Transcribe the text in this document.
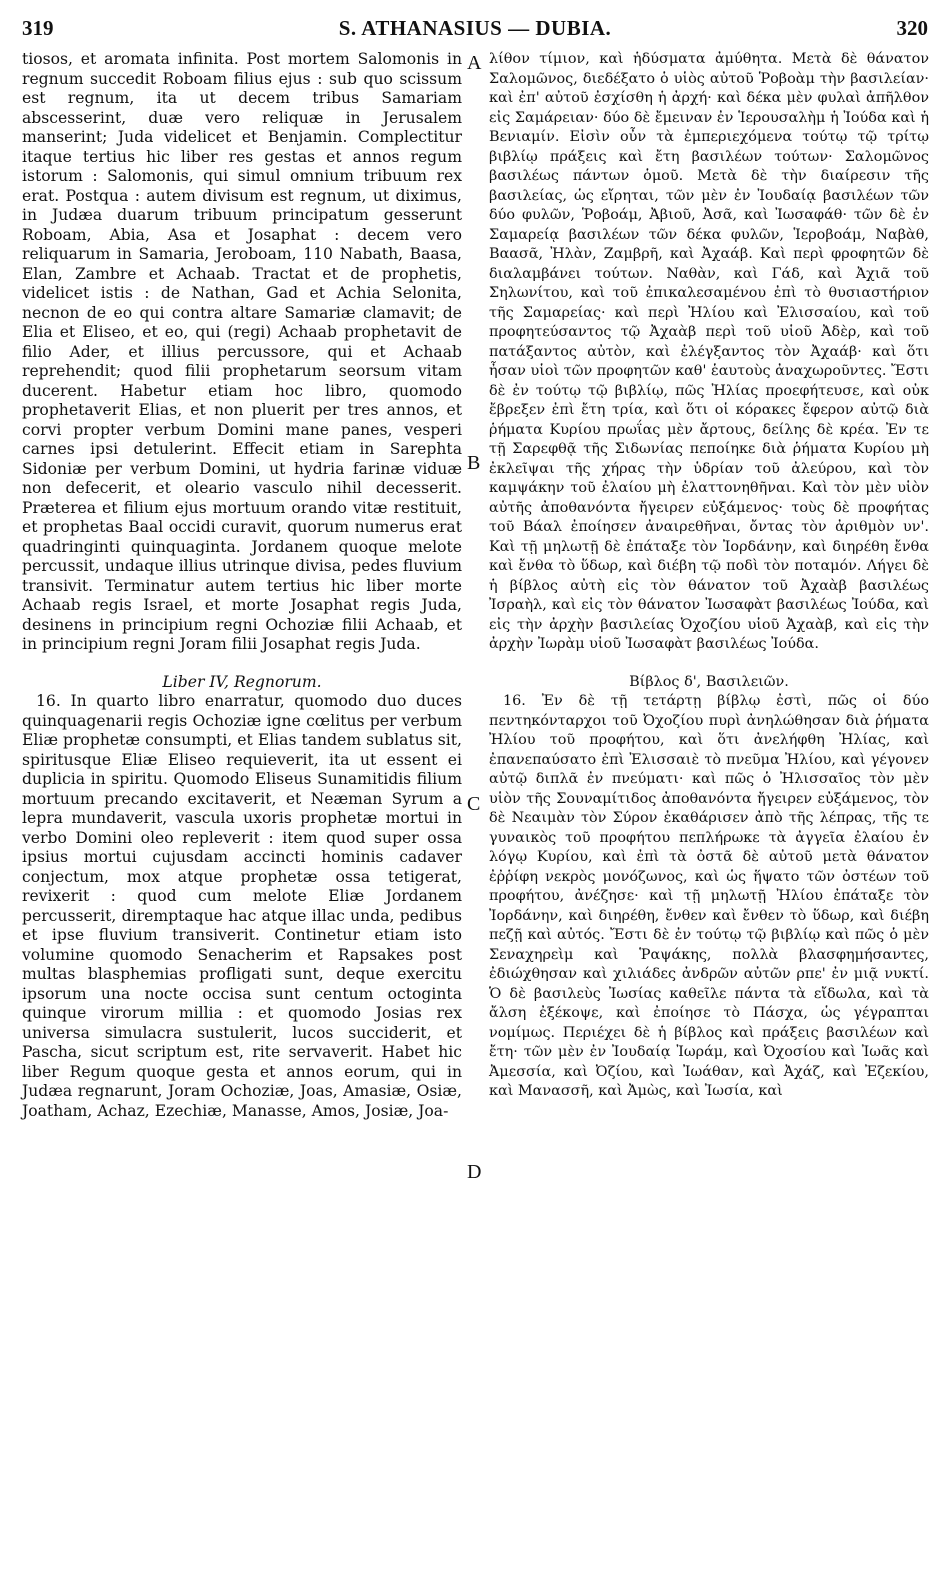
319	S. ATHANASIUS — DUBIA.	320

tiosos, et aromata infinita. Post mortem Salomonis in regnum succedit Roboam filius ejus : sub quo scissum est regnum, ita ut decem tribus Samariam abscesserint, duæ vero reliquæ in Jerusalem manserint; Juda videlicet et Benjamin. Complectitur itaque tertius hic liber res gestas et annos regum istorum : Salomonis, qui simul omnium tribuum rex erat. Postqua : autem divisum est regnum, ut diximus, in Judæa duarum tribuum principatum gesserunt Roboam, Abia, Asa et Josaphat : decem vero reliquarum in Samaria, Jeroboam, 110 Nabath, Baasa, Elan, Zambre et Achaab. Tractat et de prophetis, videlicet istis : de Nathan, Gad et Achia Selonita, necnon de eo qui contra altare Samariæ clamavit; de Elia et Eliseo, et eo, qui (regi) Achaab prophetavit de filio Ader, et illius percussore, qui et Achaab reprehendit; quod filii prophetarum seorsum vitam ducerent. Habetur etiam hoc libro, quomodo prophetaverit Elias, et non pluerit per tres annos, et corvi propter verbum Domini mane panes, vesperi carnes ipsi detulerint. Effecit etiam in Sarephta Sidoniæ per verbum Domini, ut hydria farinæ viduæ non defecerit, et oleario vasculo nihil decesserit. Præterea et filium ejus mortuum orando vitæ restituit, et prophetas Baal occidi curavit, quorum numerus erat quadringinti quinquaginta. Jordanem quoque melote percussit, undaque illius utrinque divisa, pedes fluvium transivit. Terminatur autem tertius hic liber morte Achaab regis Israel, et morte Josaphat regis Juda, desinens in principium regni Ochoziæ filii Achaab, et in principium regni Joram filii Josaphat regis Juda.

Liber IV, Regnorum.

16. In quarto libro enarratur, quomodo duo duces quinquagenarii regis Ochoziæ igne cœlitus per verbum Eliæ prophetæ consumpti, et Elias tandem sublatus sit, spiritusque Eliæ Eliseo requieverit, ita ut essent ei duplicia in spiritu. Quomodo Eliseus Sunamitidis filium mortuum precando excitaverit, et Neæman Syrum a lepra mundaverit, vascula uxoris prophetæ mortui in verbo Domini oleo repleverit : item quod super ossa ipsius mortui cujusdam accincti hominis cadaver conjectum, mox atque prophetæ ossa tetigerat, revixerit : quod cum melote Eliæ Jordanem percusserit, diremptaque hac atque illac unda, pedibus et ipse fluvium transiverit. Continetur etiam isto volumine quomodo Senacherim et Rapsakes post multas blasphemias profligati sunt, deque exercitu ipsorum una nocte occisa sunt centum octoginta quinque virorum millia : et quomodo Josias rex universa simulacra sustulerit, lucos succiderit, et Pascha, sicut scriptum est, rite servaverit. Habet hic liber Regum quoque gesta et annos eorum, qui in Judæa regnarunt, Joram Ochoziæ, Joas, Amasiæ, Osiæ, Joatham, Achaz, Ezechiæ, Manasse, Amos, Josiæ, Joa-

A
B
C
D

λίθον τίμιον, καὶ ἡδύσματα ἀμύθητα. Μετὰ δὲ θάνατον Σαλομῶνος, διεδέξατο ὁ υἱὸς αὐτοῦ Ῥοβοὰμ τὴν βασιλείαν· καὶ ἐπ' αὐτοῦ ἐσχίσθη ἡ ἀρχή· καὶ δέκα μὲν φυλαὶ ἀπῆλθον εἰς Σαμάρειαν· δύο δὲ ἔμειναν ἐν Ἱερουσαλὴμ ἡ Ἰούδα καὶ ἡ Βενιαμίν. Εἰσὶν οὖν τὰ ἐμπεριεχόμενα τούτῳ τῷ τρίτῳ βιβλίῳ πράξεις καὶ ἔτη βασιλέων τούτων· Σαλομῶνος βασιλέως πάντων ὁμοῦ. Μετὰ δὲ τὴν διαίρεσιν τῆς βασιλείας, ὡς εἴρηται, τῶν μὲν ἐν Ἰουδαίᾳ βασιλέων τῶν δύο φυλῶν, Ῥοβοάμ, Ἀβιοῦ, Ἀσᾶ, καὶ Ἰωσαφάθ· τῶν δὲ ἐν Σαμαρείᾳ βασιλέων τῶν δέκα φυλῶν, Ἱεροβοάμ, Ναβὰθ, Βαασᾶ, Ἠλὰν, Ζαμβρῆ, καὶ Ἀχαάβ. Καὶ περὶ φροφητῶν δὲ διαλαμβάνει τούτων. Ναθὰν, καὶ Γάδ, καὶ Ἀχιᾶ τοῦ Σηλωνίτου, καὶ τοῦ ἐπικαλεσαμένου ἐπὶ τὸ θυσιαστήριον τῆς Σαμαρείας· καὶ περὶ Ἠλίου καὶ Ἐλισσαίου, καὶ τοῦ προφητεύσαντος τῷ Ἀχαὰβ περὶ τοῦ υἱοῦ Ἀδὲρ, καὶ τοῦ πατάξαντος αὐτὸν, καὶ ἐλέγξαντος τὸν Ἀχαάβ· καὶ ὅτι ἦσαν υἱοὶ τῶν προφητῶν καθ' ἑαυτοὺς ἀναχωροῦντες. Ἔστι δὲ ἐν τούτῳ τῷ βιβλίῳ, πῶς Ἠλίας προεφήτευσε, καὶ οὐκ ἔβρεξεν ἐπὶ ἔτη τρία, καὶ ὅτι οἱ κόρακες ἔφερον αὐτῷ διὰ ῥήματα Κυρίου πρωΐας μὲν ἄρτους, δείλης δὲ κρέα. Ἐν τε τῇ Σαρεφθᾷ τῆς Σιδωνίας πεποίηκε διὰ ῥήματα Κυρίου μὴ ἐκλεῖψαι τῆς χήρας τὴν ὑδρίαν τοῦ ἀλεύρου, καὶ τὸν καμψάκην τοῦ ἐλαίου μὴ ἐλαττονηθῆναι. Καὶ τὸν μὲν υἱὸν αὐτῆς ἀποθανόντα ἤγειρεν εὐξάμενος· τοὺς δὲ προφήτας τοῦ Βάαλ ἐποίησεν ἀναιρεθῆναι, ὄντας τὸν ἀριθμὸν υν'. Καὶ τῇ μηλωτῇ δὲ ἐπάταξε τὸν Ἰορδάνην, καὶ διηρέθη ἔνθα καὶ ἔνθα τὸ ὕδωρ, καὶ διέβη τῷ ποδὶ τὸν ποταμόν. Λήγει δὲ ἡ βίβλος αὐτὴ εἰς τὸν θάνατον τοῦ Ἀχαὰβ βασιλέως Ἰσραὴλ, καὶ εἰς τὸν θάνατον Ἰωσαφὰτ βασιλέως Ἰούδα, καὶ εἰς τὴν ἀρχὴν βασιλείας Ὀχοζίου υἱοῦ Ἀχαὰβ, καὶ εἰς τὴν ἀρχὴν Ἰωρὰμ υἱοῦ Ἰωσαφὰτ βασιλέως Ἰούδα.

Βίβλος δ', Βασιλειῶν.

16. Ἐν δὲ τῇ τετάρτῃ βίβλῳ ἐστὶ, πῶς οἱ δύο πεντηκόνταρχοι τοῦ Ὀχοζίου πυρὶ ἀνηλώθησαν διὰ ῥήματα Ἠλίου τοῦ προφήτου, καὶ ὅτι ἀνελήφθη Ἠλίας, καὶ ἐπανεπαύσατο ἐπὶ Ἐλισσαιὲ τὸ πνεῦμα Ἠλίου, καὶ γέγονεν αὐτῷ διπλᾶ ἐν πνεύματι· καὶ πῶς ὁ Ἠλισσαῖος τὸν μὲν υἱὸν τῆς Σουναμίτιδος ἀποθανόντα ἤγειρεν εὐξάμενος, τὸν δὲ Νεαιμὰν τὸν Σύρον ἐκαθάρισεν ἀπὸ τῆς λέπρας, τῆς τε γυναικὸς τοῦ προφήτου πεπλήρωκε τὰ ἀγγεῖα ἐλαίου ἐν λόγῳ Κυρίου, καὶ ἐπὶ τὰ ὀστᾶ δὲ αὐτοῦ μετὰ θάνατον ἐῤῥίφη νεκρὸς μονόζωνος, καὶ ὡς ἥψατο τῶν ὀστέων τοῦ προφήτου, ἀνέζησε· καὶ τῇ μηλωτῇ Ἠλίου ἐπάταξε τὸν Ἰορδάνην, καὶ διηρέθη, ἔνθεν καὶ ἔνθεν τὸ ὕδωρ, καὶ διέβη πεζῇ καὶ αὐτός. Ἔστι δὲ ἐν τούτῳ τῷ βιβλίῳ καὶ πῶς ὁ μὲν Σεναχηρεὶμ καὶ Ῥαψάκης, πολλὰ βλασφημήσαντες, ἐδιώχθησαν καὶ χιλιάδες ἀνδρῶν αὐτῶν ρπε' ἐν μιᾷ νυκτί. Ὁ δὲ βασιλεὺς Ἰωσίας καθεῖλε πάντα τὰ εἴδωλα, καὶ τὰ ἄλση ἐξέκοψε, καὶ ἐποίησε τὸ Πάσχα, ὡς γέγραπται νομίμως. Περιέχει δὲ ἡ βίβλος καὶ πράξεις βασιλέων καὶ ἔτη· τῶν μὲν ἐν Ἰουδαίᾳ Ἰωράμ, καὶ Ὀχοσίου καὶ Ἰωᾶς καὶ Ἀμεσσία, καὶ Ὀζίου, καὶ Ἰωάθαν, καὶ Ἀχάζ, καὶ Ἐζεκίου, καὶ Μανασσῆ, καὶ Ἀμὼς, καὶ Ἰωσία, καὶ
